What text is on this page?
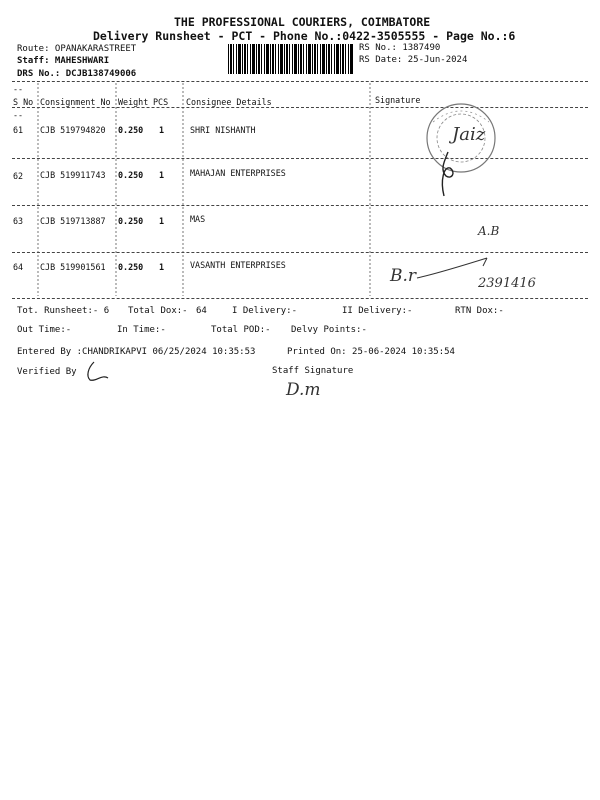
THE PROFESSIONAL COURIERS, COIMBATORE
Delivery Runsheet - PCT - Phone No.:0422-3505555 - Page No.:6
Route: OPANAKARASTREET
Staff: MAHESHWARI
DRS No.: DCJB138749006
RS No.: 1387490
RS Date: 25-Jun-2024
--
S No Consignment No Weight PCS Consignee Details	Signature
--
61 CJB 519794820 0.250 1	SHRI NISHANTH
62 CJB 519911743 0.250 1	MAHAJAN ENTERPRISES
63 CJB 519713887 0.250 1	MAS
64 CJB 519901561 0.250 1	VASANTH ENTERPRISES
Jaiz
A.B
B.r	2391416
Tot. Runsheet:- 6 Total Dox:- 64	I Delivery:-	II Delivery:-	RTN Dox:-
Out Time:-	In Time:-	Total POD:- Delvy Points:-
Entered By :CHANDRIKAPVI 06/25/2024 10:35:53	Printed On: 25-06-2024 10:35:54
Verified By	Staff Signature
D.m
